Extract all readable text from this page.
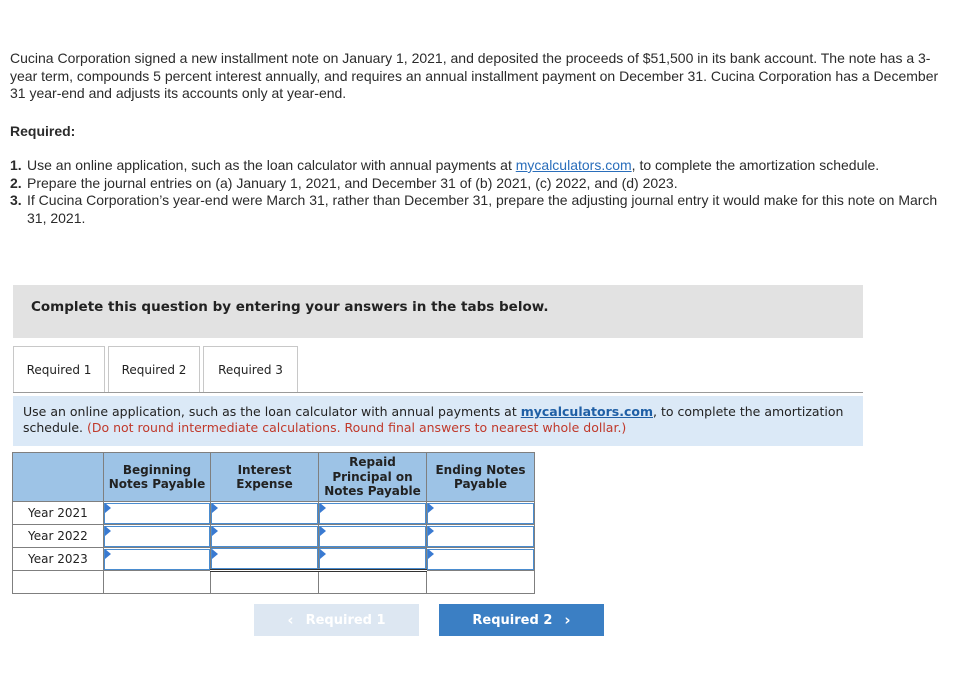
Cucina Corporation signed a new installment note on January 1, 2021, and deposited the proceeds of $51,500 in its bank account. The note has a 3-year term, compounds 5 percent interest annually, and requires an annual installment payment on December 31. Cucina Corporation has a December 31 year-end and adjusts its accounts only at year-end.
Required:
1. Use an online application, such as the loan calculator with annual payments at mycalculators.com, to complete the amortization schedule.
2. Prepare the journal entries on (a) January 1, 2021, and December 31 of (b) 2021, (c) 2022, and (d) 2023.
3. If Cucina Corporation’s year-end were March 31, rather than December 31, prepare the adjusting journal entry it would make for this note on March 31, 2021.
Complete this question by entering your answers in the tabs below.
Required 1	Required 2	Required 3
Use an online application, such as the loan calculator with annual payments at mycalculators.com, to complete the amortization schedule. (Do not round intermediate calculations. Round final answers to nearest whole dollar.)
	Beginning Notes Payable	Interest Expense	Repaid Principal on Notes Payable	Ending Notes Payable
Year 2021	

Year 2022	

Year 2023	

‹ Required 1	Required 2 ›
